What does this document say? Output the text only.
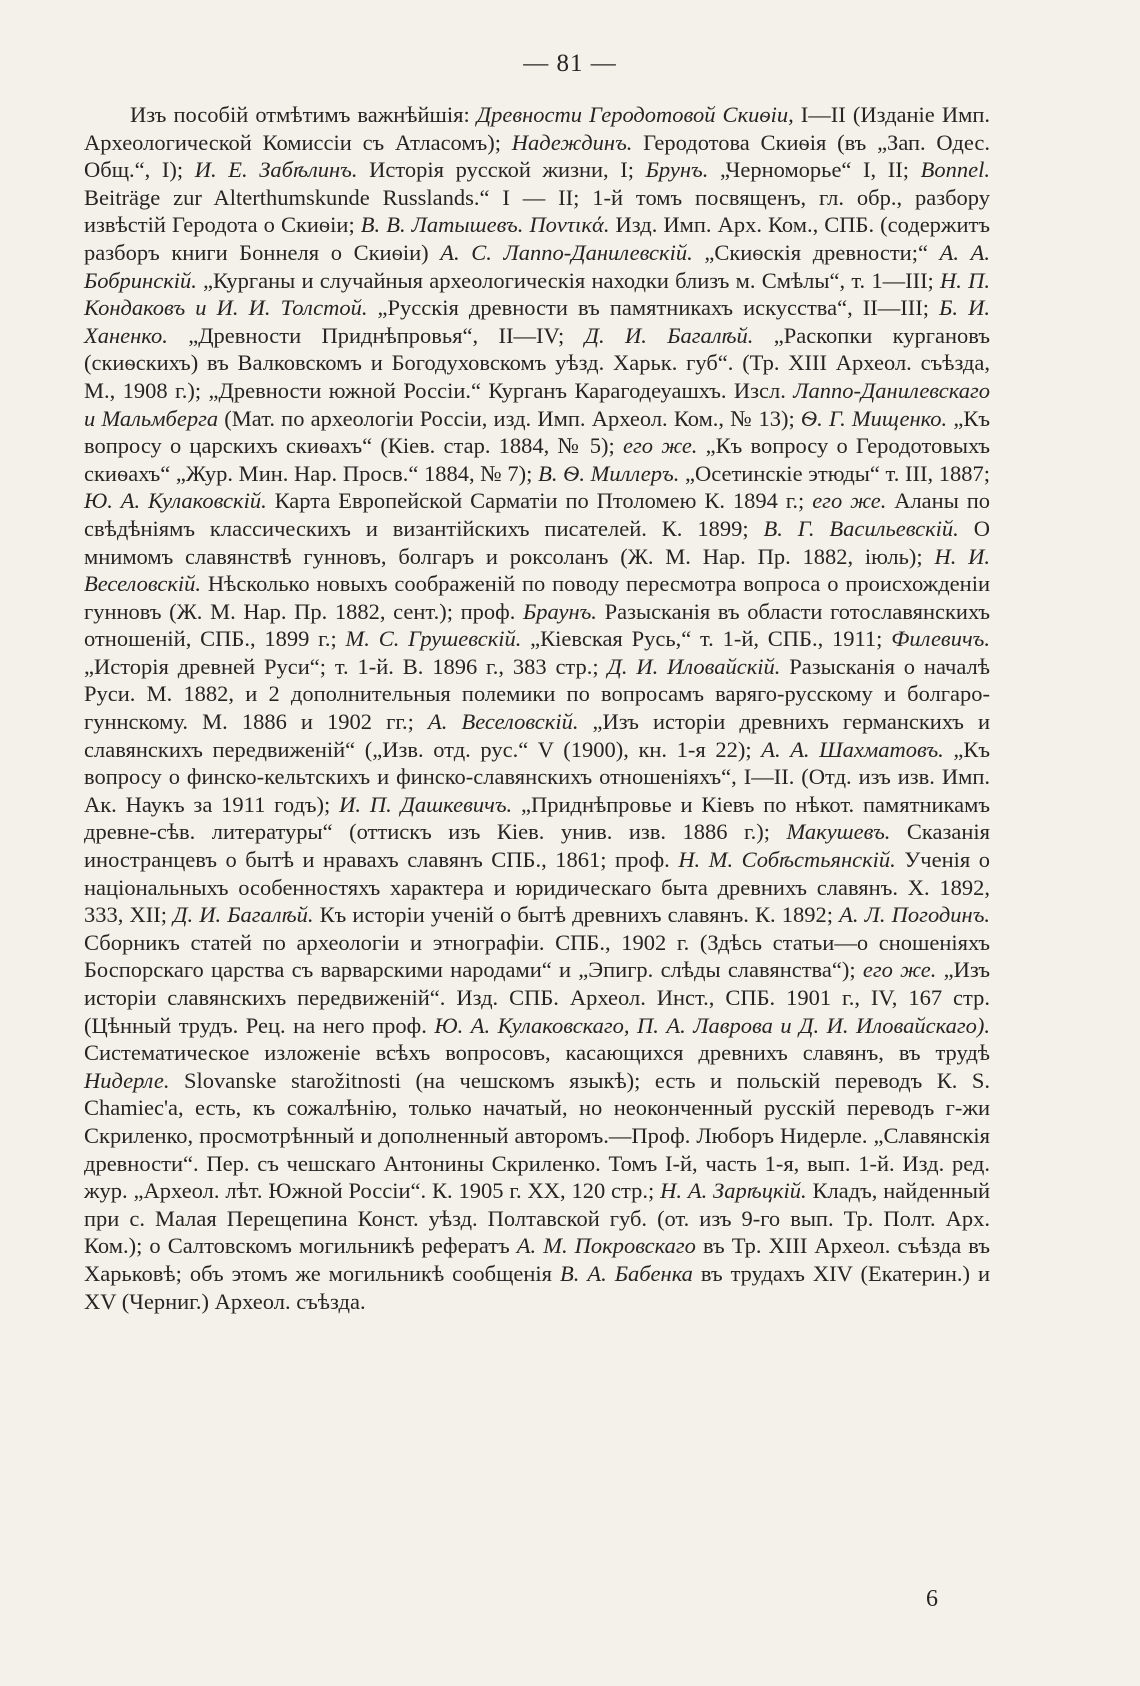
— 81 —

Изъ пособій отмѣтимъ важнѣйшія: Древности Геродотовой Скиѳіи, I—II (Изданіе Имп. Археологической Комиссіи съ Атласомъ); Надеждинъ. Геродотова Скиѳія (въ „Зап. Одес. Общ.“, I); И. Е. Забѣлинъ. Исторія русской жизни, I; Брунъ. „Черноморье“ I, II; Bonnel. Beiträge zur Alterthumskunde Russlands.“ I — II; 1-й томъ посвященъ, гл. обр., разбору извѣстій Геродота о Скиѳіи; В. В. Латышевъ. Ποντικά. Изд. Имп. Арх. Ком., СПБ. (содержитъ разборъ книги Боннеля о Скиѳіи) А. С. Лаппо-Данилевскій. „Скиѳскія древности;“ А. А. Бобринскій. „Курганы и случайныя археологическія находки близъ м. Смѣлы“, т. 1—III; Н. П. Кондаковъ и И. И. Толстой. „Русскія древности въ памятникахъ искусства“, II—III; Б. И. Ханенко. „Древности Приднѣпровья“, II—IV; Д. И. Багалѣй. „Раскопки кургановъ (скиѳскихъ) въ Валковскомъ и Богодуховскомъ уѣзд. Харьк. губ“. (Тр. XIII Археол. съѣзда, М., 1908 г.); „Древности южной Россіи.“ Курганъ Карагодеуашхъ. Изсл. Лаппо-Данилевскаго и Мальмберга (Мат. по археологіи Россіи, изд. Имп. Археол. Ком., № 13); Ѳ. Г. Мищенко. „Къ вопросу о царскихъ скиѳахъ“ (Кіев. стар. 1884, № 5); его же. „Къ вопросу о Геродотовыхъ скиѳахъ“ „Жур. Мин. Нар. Просв.“ 1884, № 7); В. Ѳ. Миллеръ. „Осетинскіе этюды“ т. III, 1887; Ю. А. Кулаковскій. Карта Европейской Сарматіи по Птоломею К. 1894 г.; его же. Аланы по свѣдѣніямъ классическихъ и византійскихъ писателей. К. 1899; В. Г. Васильевскій. О мнимомъ славянствѣ гунновъ, болгаръ и роксоланъ (Ж. М. Нар. Пр. 1882, іюль); Н. И. Веселовскій. Нѣсколько новыхъ соображеній по поводу пересмотра вопроса о происхожденіи гунновъ (Ж. М. Нар. Пр. 1882, сент.); проф. Браунъ. Разысканія въ области готославянскихъ отношеній, СПБ., 1899 г.; М. С. Грушевскій. „Кіевская Русь,“ т. 1-й, СПБ., 1911; Филевичъ. „Исторія древней Руси“; т. 1-й. В. 1896 г., 383 стр.; Д. И. Иловайскій. Разысканія о началѣ Руси. М. 1882, и 2 дополнительныя полемики по вопросамъ варяго-русскому и болгаро-гуннскому. М. 1886 и 1902 гг.; А. Веселовскій. „Изъ исторіи древнихъ германскихъ и славянскихъ передвиженій“ („Изв. отд. рус.“ V (1900), кн. 1-я 22); А. А. Шахматовъ. „Къ вопросу о финско-кельтскихъ и финско-славянскихъ отношеніяхъ“, I—II. (Отд. изъ изв. Имп. Ак. Наукъ за 1911 годъ); И. П. Дашкевичъ. „Приднѣпровье и Кіевъ по нѣкот. памятникамъ древне-сѣв. литературы“ (оттискъ изъ Кіев. унив. изв. 1886 г.); Макушевъ. Сказанія иностранцевъ о бытѣ и нравахъ славянъ СПБ., 1861; проф. Н. М. Собѣстьянскій. Ученія о національныхъ особенностяхъ характера и юридическаго быта древнихъ славянъ. Х. 1892, 333, XII; Д. И. Багалѣй. Къ исторіи ученій о бытѣ древнихъ славянъ. К. 1892; А. Л. Погодинъ. Сборникъ статей по археологіи и этнографіи. СПБ., 1902 г. (Здѣсь статьи—о сношеніяхъ Боспорскаго царства съ варварскими народами“ и „Эпигр. слѣды славянства“); его же. „Изъ исторіи славянскихъ передвиженій“. Изд. СПБ. Археол. Инст., СПБ. 1901 г., IV, 167 стр. (Цѣнный трудъ. Рец. на него проф. Ю. А. Кулаковскаго, П. А. Лаврова и Д. И. Иловайскаго). Систематическое изложеніе всѣхъ вопросовъ, касающихся древнихъ славянъ, въ трудѣ Нидерле. Slovanske starožitnosti (на чешскомъ языкѣ); есть и польскій переводъ К. S. Chamiec'а, есть, къ сожалѣнію, только начатый, но неоконченный русскій переводъ г-жи Скриленко, просмотрѣнный и дополненный авторомъ.—Проф. Люборъ Нидерле. „Славянскія древности“. Пер. съ чешскаго Антонины Скриленко. Томъ I-й, часть 1-я, вып. 1-й. Изд. ред. жур. „Археол. лѣт. Южной Россіи“. К. 1905 г. XX, 120 стр.; Н. А. Зарѣцкій. Кладъ, найденный при с. Малая Перещепина Конст. уѣзд. Полтавской губ. (от. изъ 9-го вып. Тр. Полт. Арх. Ком.); о Салтовскомъ могильникѣ рефератъ А. М. Покровскаго въ Тр. XIII Археол. съѣзда въ Харьковѣ; объ этомъ же могильникѣ сообщенія В. А. Бабенка въ трудахъ XIV (Екатерин.) и XV (Черниг.) Археол. съѣзда.

6
